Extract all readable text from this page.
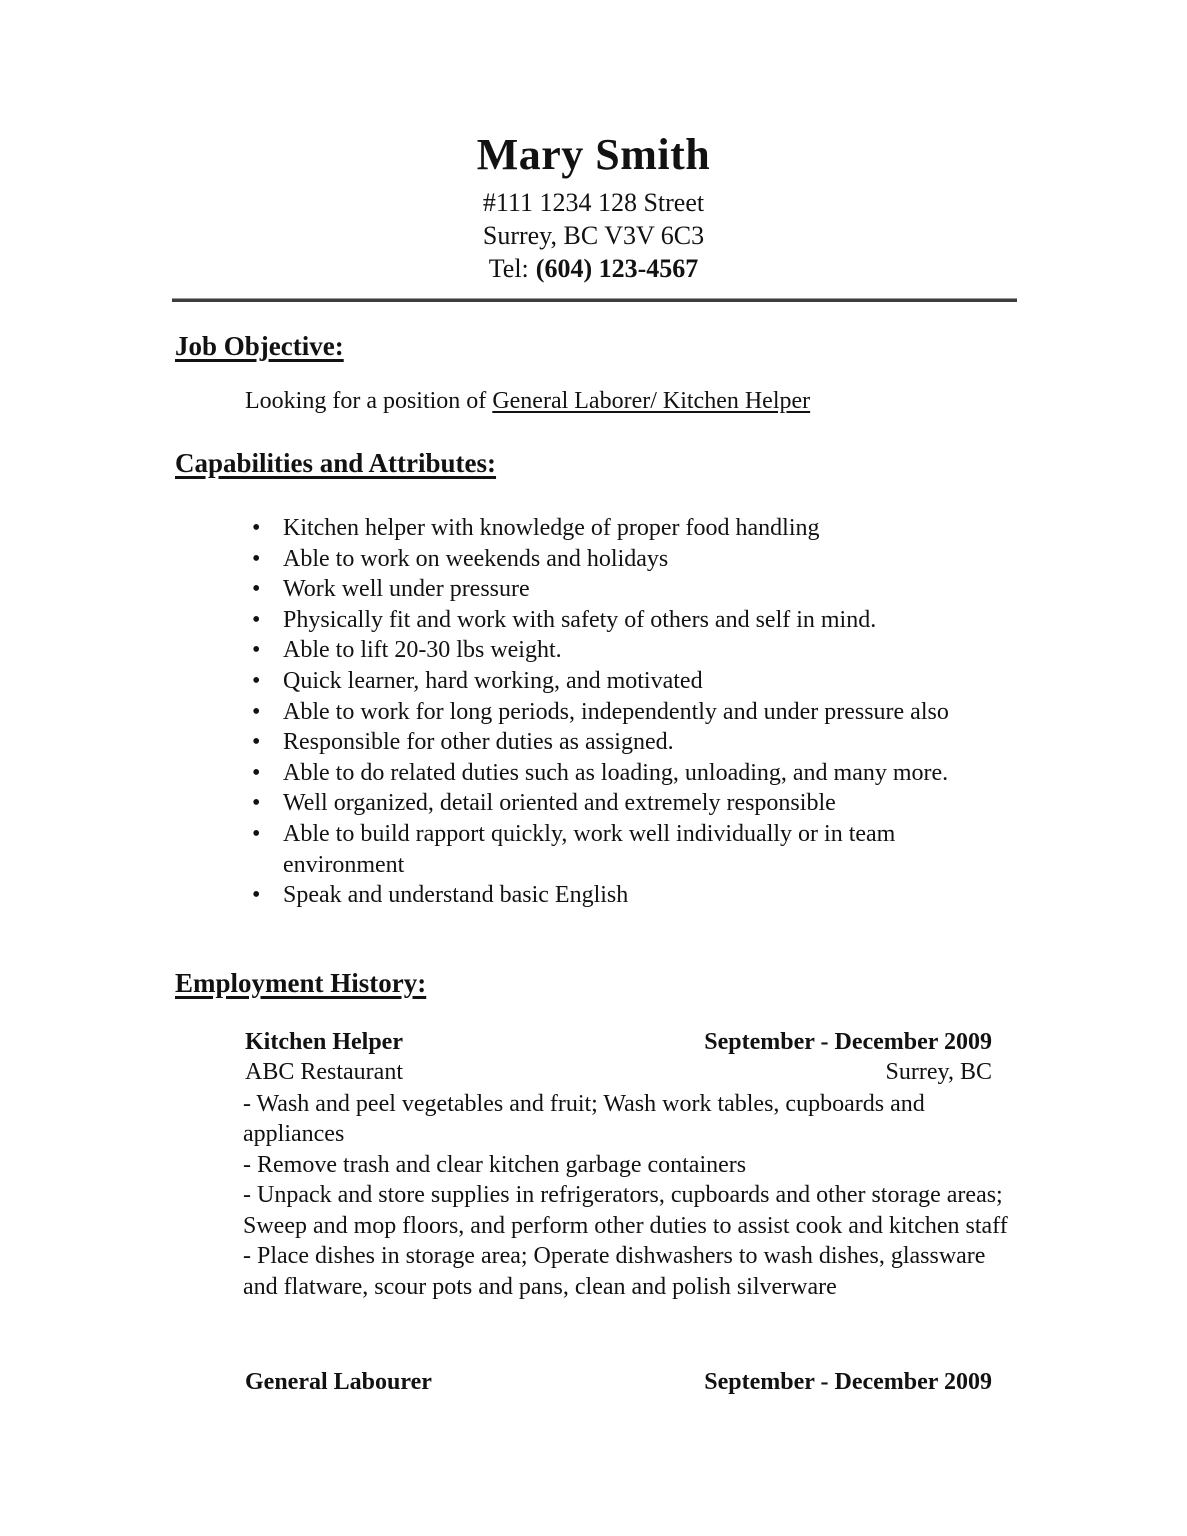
Mary Smith

#111 1234 128 Street

Surrey, BC V3V 6C3

Tel: (604) 123-4567

Job Objective:

Looking for a position of General Laborer/ Kitchen Helper

Capabilities and Attributes:
• Kitchen helper with knowledge of proper food handling
• Able to work on weekends and holidays
• Work well under pressure
• Physically fit and work with safety of others and self in mind.
• Able to lift 20-30 lbs weight.
• Quick learner, hard working, and motivated
• Able to work for long periods, independently and under pressure also
• Responsible for other duties as assigned.
• Able to do related duties such as loading, unloading, and many more.
• Well organized, detail oriented and extremely responsible
• Able to build rapport quickly, work well individually or in team environment
• Speak and understand basic English
Employment History:
Kitchen Helper	September - December 2009
ABC Restaurant	Surrey, BC

- Wash and peel vegetables and fruit; Wash work tables, cupboards and appliances

- Remove trash and clear kitchen garbage containers

- Unpack and store supplies in refrigerators, cupboards and other storage areas; Sweep and mop floors, and perform other duties to assist cook and kitchen staff

- Place dishes in storage area; Operate dishwashers to wash dishes, glassware and flatware, scour pots and pans, clean and polish silverware

General Labourer	September - December 2009
